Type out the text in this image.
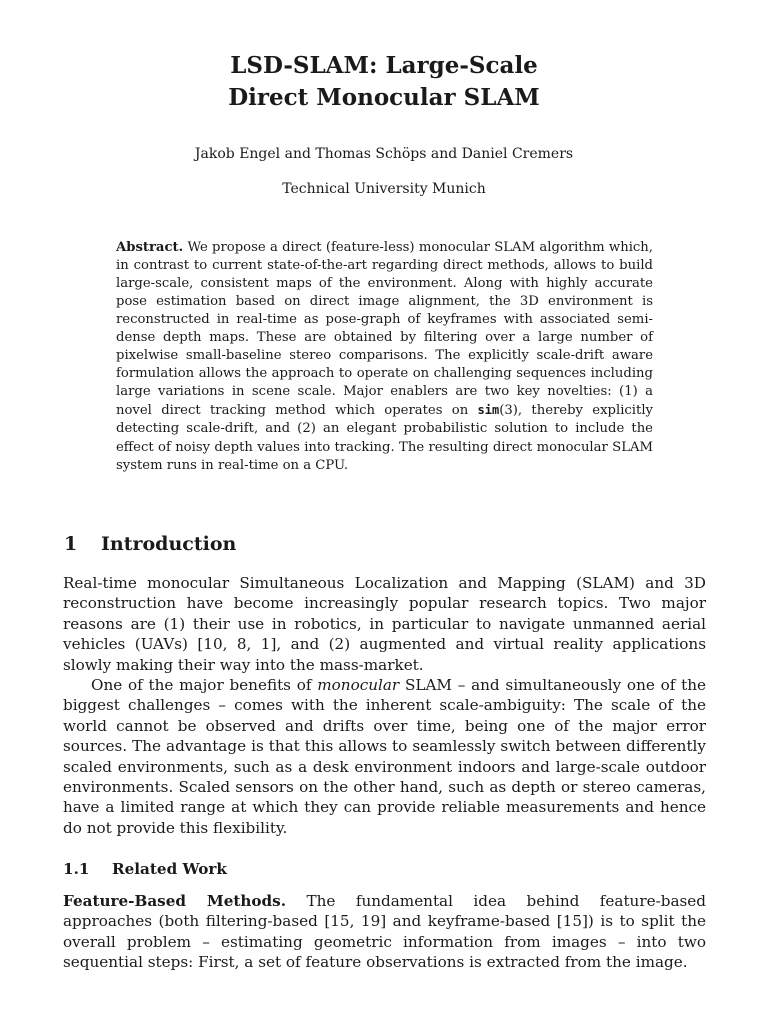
LSD-SLAM: Large-Scale
Direct Monocular SLAM
Jakob Engel and Thomas Schöps and Daniel Cremers
Technical University Munich
Abstract. We propose a direct (feature-less) monocular SLAM algorithm which, in contrast to current state-of-the-art regarding direct methods, allows to build large-scale, consistent maps of the environment. Along with highly accurate pose estimation based on direct image alignment, the 3D environment is reconstructed in real-time as pose-graph of keyframes with associated semi-dense depth maps. These are obtained by filtering over a large number of pixelwise small-baseline stereo comparisons. The explicitly scale-drift aware formulation allows the approach to operate on challenging sequences including large variations in scene scale. Major enablers are two key novelties: (1) a novel direct tracking method which operates on sim(3), thereby explicitly detecting scale-drift, and (2) an elegant probabilistic solution to include the effect of noisy depth values into tracking. The resulting direct monocular SLAM system runs in real-time on a CPU.
1 Introduction

Real-time monocular Simultaneous Localization and Mapping (SLAM) and 3D reconstruction have become increasingly popular research topics. Two major reasons are (1) their use in robotics, in particular to navigate unmanned aerial vehicles (UAVs) [10, 8, 1], and (2) augmented and virtual reality applications slowly making their way into the mass-market.

One of the major benefits of monocular SLAM – and simultaneously one of the biggest challenges – comes with the inherent scale-ambiguity: The scale of the world cannot be observed and drifts over time, being one of the major error sources. The advantage is that this allows to seamlessly switch between differently scaled environments, such as a desk environment indoors and large-scale outdoor environments. Scaled sensors on the other hand, such as depth or stereo cameras, have a limited range at which they can provide reliable measurements and hence do not provide this flexibility.

1.1 Related Work

Feature-Based Methods. The fundamental idea behind feature-based approaches (both filtering-based [15, 19] and keyframe-based [15]) is to split the overall problem – estimating geometric information from images – into two sequential steps: First, a set of feature observations is extracted from the image.
